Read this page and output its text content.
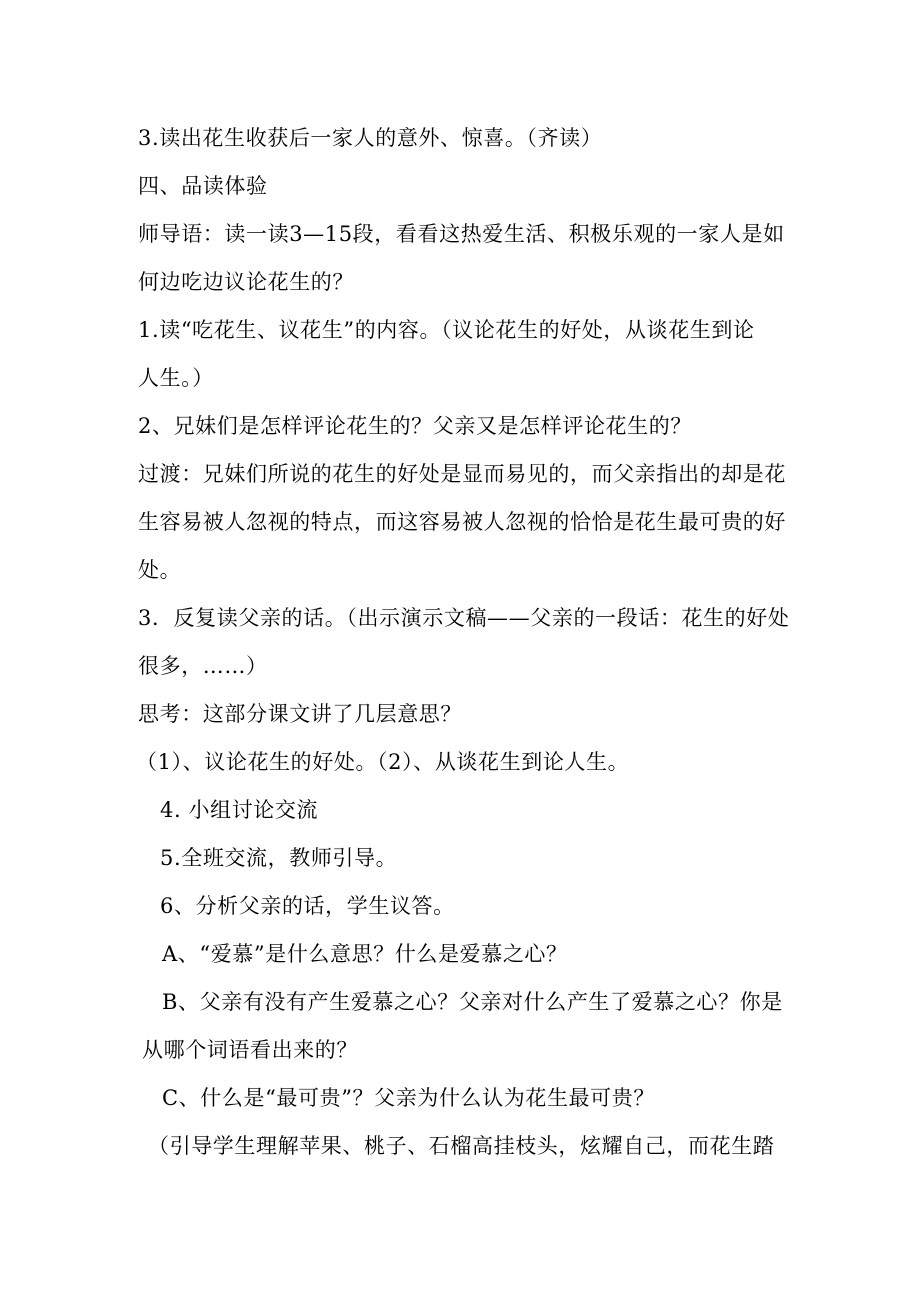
3.读出花生收获后一家人的意外、惊喜。（齐读）
四、品读体验
师导语：读一读3—15段，看看这热爱生活、积极乐观的一家人是如
何边吃边议论花生的？
1.读“吃花生、议花生”的内容。（议论花生的好处，从谈花生到论
人生。）
2、兄妹们是怎样评论花生的？父亲又是怎样评论花生的？
过渡：兄妹们所说的花生的好处是显而易见的，而父亲指出的却是花
生容易被人忽视的特点，而这容易被人忽视的恰恰是花生最可贵的好
处。
3．反复读父亲的话。（出示演示文稿——父亲的一段话：花生的好处
很多，……）
思考：这部分课文讲了几层意思？
（1）、议论花生的好处。（2）、从谈花生到论人生。
4. 小组讨论交流
5.全班交流，教师引导。
6、分析父亲的话，学生议答。
A、“爱慕”是什么意思？什么是爱慕之心？
B、父亲有没有产生爱慕之心？父亲对什么产生了爱慕之心？你是
从哪个词语看出来的？
C、什么是“最可贵”？父亲为什么认为花生最可贵？
（引导学生理解苹果、桃子、石榴高挂枝头，炫耀自己，而花生踏
